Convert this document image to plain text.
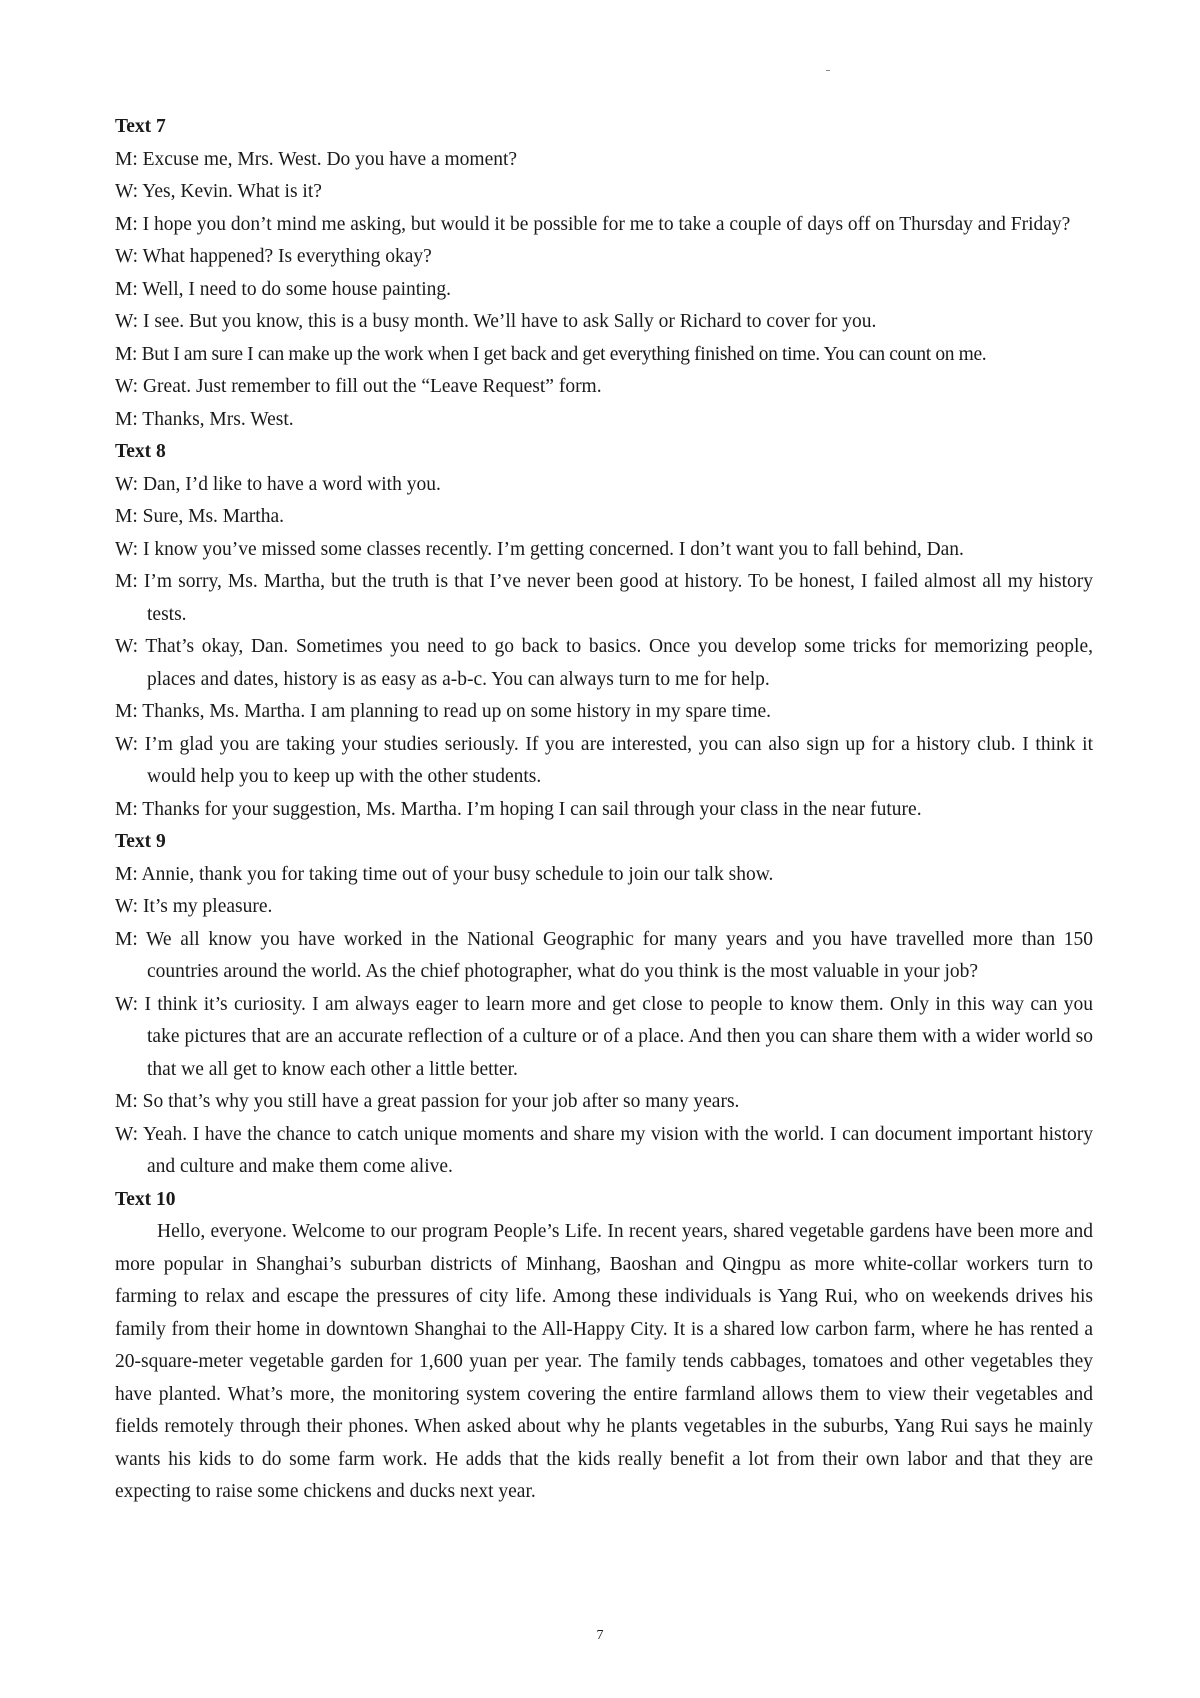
Text 7

M: Excuse me, Mrs. West. Do you have a moment?

W: Yes, Kevin. What is it?

M: I hope you don’t mind me asking, but would it be possible for me to take a couple of days off on Thursday and Friday?

W: What happened? Is everything okay?

M: Well, I need to do some house painting.

W: I see. But you know, this is a busy month. We’ll have to ask Sally or Richard to cover for you.

M: But I am sure I can make up the work when I get back and get everything finished on time. You can count on me.

W: Great. Just remember to fill out the “Leave Request” form.

M: Thanks, Mrs. West.

Text 8

W: Dan, I’d like to have a word with you.

M: Sure, Ms. Martha.

W: I know you’ve missed some classes recently. I’m getting concerned. I don’t want you to fall behind, Dan.

M: I’m sorry, Ms. Martha, but the truth is that I’ve never been good at history. To be honest, I failed almost all my history tests.

W: That’s okay, Dan. Sometimes you need to go back to basics. Once you develop some tricks for memorizing people, places and dates, history is as easy as a-b-c. You can always turn to me for help.

M: Thanks, Ms. Martha. I am planning to read up on some history in my spare time.

W: I’m glad you are taking your studies seriously. If you are interested, you can also sign up for a history club. I think it would help you to keep up with the other students.

M: Thanks for your suggestion, Ms. Martha. I’m hoping I can sail through your class in the near future.

Text 9

M: Annie, thank you for taking time out of your busy schedule to join our talk show.

W: It’s my pleasure.

M: We all know you have worked in the National Geographic for many years and you have travelled more than 150 countries around the world. As the chief photographer, what do you think is the most valuable in your job?

W: I think it’s curiosity. I am always eager to learn more and get close to people to know them. Only in this way can you take pictures that are an accurate reflection of a culture or of a place. And then you can share them with a wider world so that we all get to know each other a little better.

M: So that’s why you still have a great passion for your job after so many years.

W: Yeah. I have the chance to catch unique moments and share my vision with the world. I can document important history and culture and make them come alive.

Text 10

Hello, everyone. Welcome to our program People’s Life. In recent years, shared vegetable gardens have been more and more popular in Shanghai’s suburban districts of Minhang, Baoshan and Qingpu as more white-collar workers turn to farming to relax and escape the pressures of city life. Among these individuals is Yang Rui, who on weekends drives his family from their home in downtown Shanghai to the All-Happy City. It is a shared low carbon farm, where he has rented a 20-square-meter vegetable garden for 1,600 yuan per year. The family tends cabbages, tomatoes and other vegetables they have planted. What’s more, the monitoring system covering the entire farmland allows them to view their vegetables and fields remotely through their phones. When asked about why he plants vegetables in the suburbs, Yang Rui says he mainly wants his kids to do some farm work. He adds that the kids really benefit a lot from their own labor and that they are expecting to raise some chickens and ducks next year.

7
